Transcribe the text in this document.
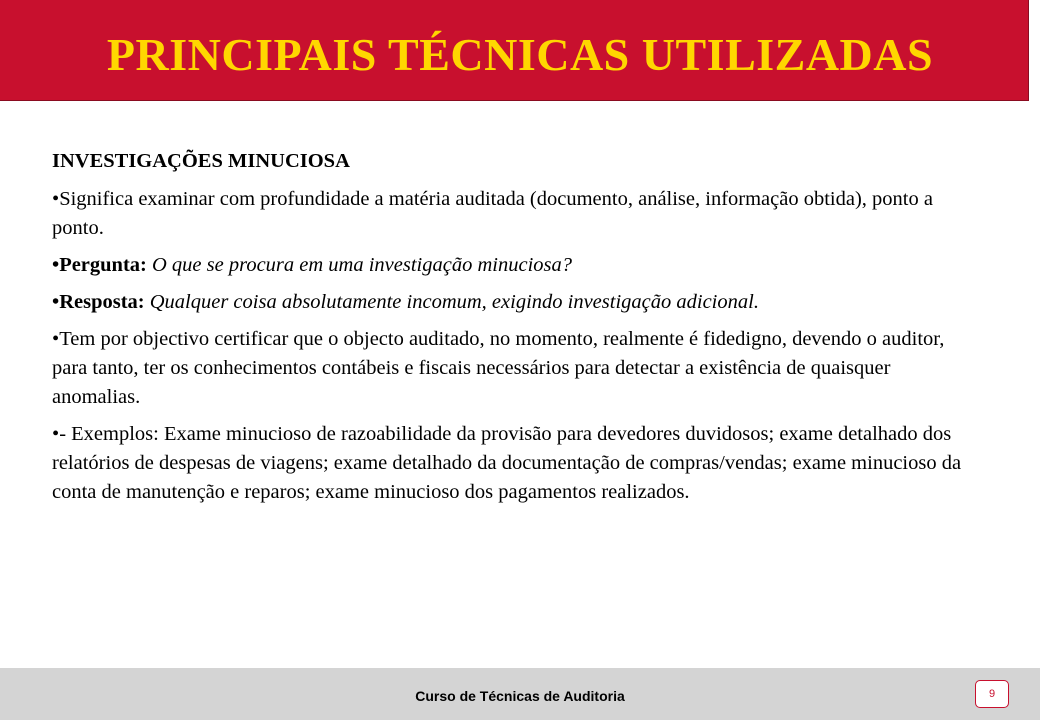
PRINCIPAIS TÉCNICAS UTILIZADAS
INVESTIGAÇÕES MINUCIOSA
•Significa examinar com profundidade a matéria auditada (documento, análise, informação obtida), ponto a ponto.
•Pergunta: O que se procura em uma investigação minuciosa?
•Resposta: Qualquer coisa absolutamente incomum, exigindo investigação adicional.
•Tem por objectivo certificar que o objecto auditado, no momento, realmente é fidedigno, devendo o auditor, para tanto, ter os conhecimentos contábeis e fiscais necessários para detectar a existência de quaisquer anomalias.
•- Exemplos: Exame minucioso de razoabilidade da provisão para devedores duvidosos; exame detalhado dos relatórios de despesas de viagens; exame detalhado da documentação de compras/vendas; exame minucioso da conta de manutenção e reparos; exame minucioso dos pagamentos realizados.
Curso de Técnicas de Auditoria	9
